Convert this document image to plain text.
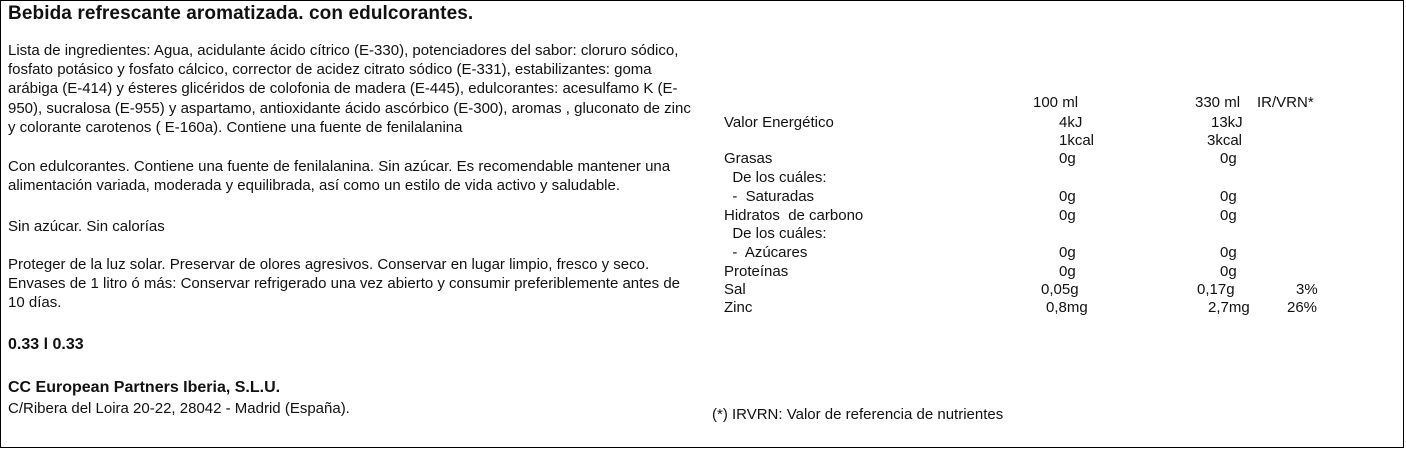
Bebida refrescante aromatizada. con edulcorantes.
Lista de ingredientes: Agua, acidulante ácido cítrico (E-330), potenciadores del sabor: cloruro sódico, fosfato potásico y fosfato cálcico, corrector de acidez citrato sódico (E-331), estabilizantes: goma arábiga (E-414) y ésteres glicéridos de colofonia de madera (E-445), edulcorantes: acesulfamo K (E-950), sucralosa (E-955) y aspartamo, antioxidante ácido ascórbico (E-300), aromas , gluconato de zinc y colorante carotenos ( E-160a). Contiene una fuente de fenilalanina
Con edulcorantes. Contiene una fuente de fenilalanina. Sin azúcar. Es recomendable mantener una alimentación variada, moderada y equilibrada, así como un estilo de vida activo y saludable.
Sin azúcar. Sin calorías
Proteger de la luz solar. Preservar de olores agresivos. Conservar en lugar limpio, fresco y seco. Envases de 1 litro ó más: Conservar refrigerado una vez abierto y consumir preferiblemente antes de 10 días.
0.33 l 0.33
CC European Partners Iberia, S.L.U.
C/Ribera del Loira 20-22, 28042 - Madrid (España).
100 ml	330 ml IR/VRN*
Valor Energético	4kJ	13kJ
1kcal	3kcal
Grasas	0g	0g
De los cuáles:
-  Saturadas	0g	0g
Hidratos  de carbono	0g	0g
De los cuáles:
-  Azúcares	0g	0g
Proteínas	0g	0g
Sal	0,05g	0,17g	3%
Zinc	0,8mg	2,7mg 26%
(*) IRVRN: Valor de referencia de nutrientes
